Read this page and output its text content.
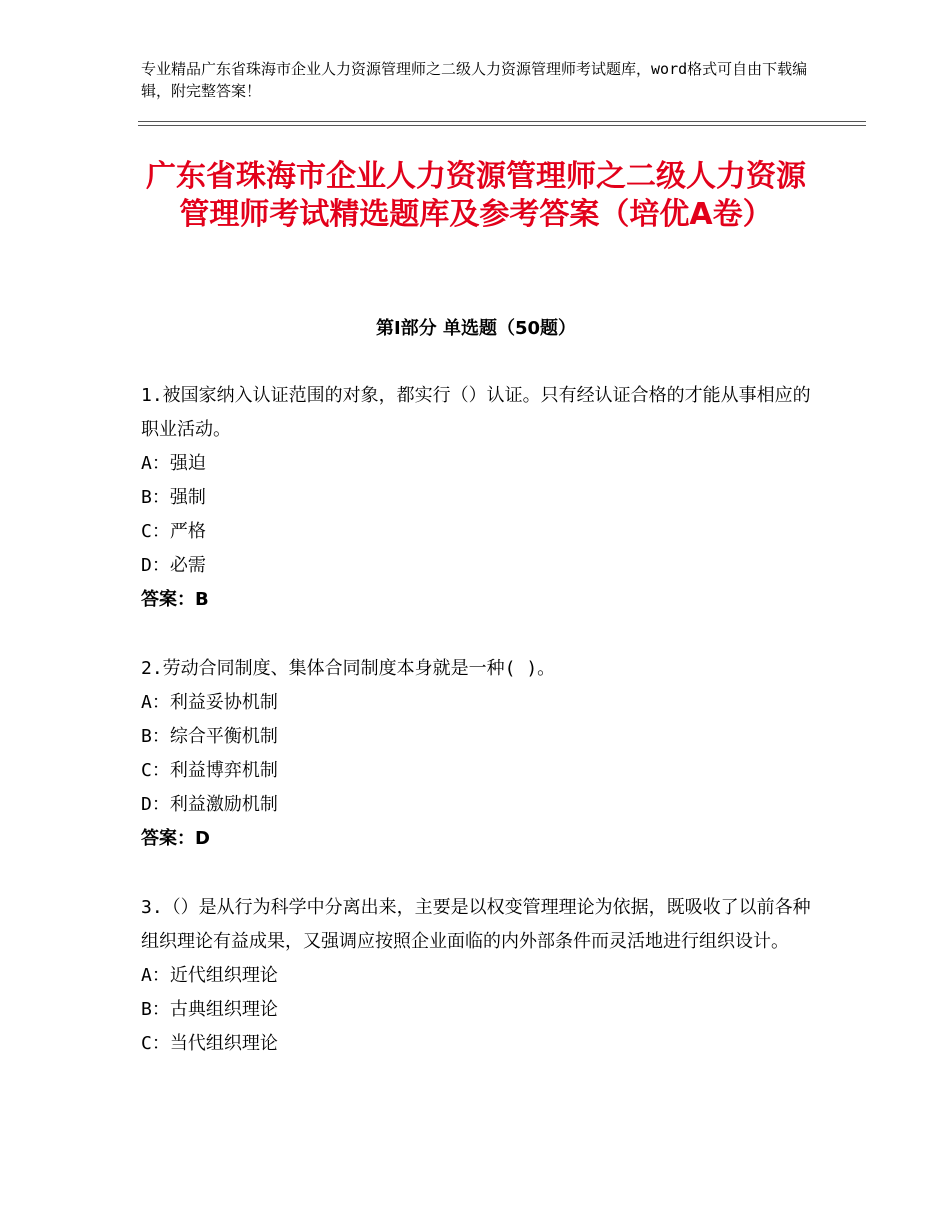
专业精品广东省珠海市企业人力资源管理师之二级人力资源管理师考试题库，word格式可自由下载编辑，附完整答案！
广东省珠海市企业人力资源管理师之二级人力资源管理师考试精选题库及参考答案（培优A卷）
第Ⅰ部分 单选题（50题）
1.被国家纳入认证范围的对象，都实行（）认证。只有经认证合格的才能从事相应的职业活动。
A：强迫
B：强制
C：严格
D：必需
答案：B
2.劳动合同制度、集体合同制度本身就是一种( )。
A：利益妥协机制
B：综合平衡机制
C：利益博弈机制
D：利益激励机制
答案：D
3.（）是从行为科学中分离出来，主要是以权变管理理论为依据，既吸收了以前各种组织理论有益成果，又强调应按照企业面临的内外部条件而灵活地进行组织设计。
A：近代组织理论
B：古典组织理论
C：当代组织理论
